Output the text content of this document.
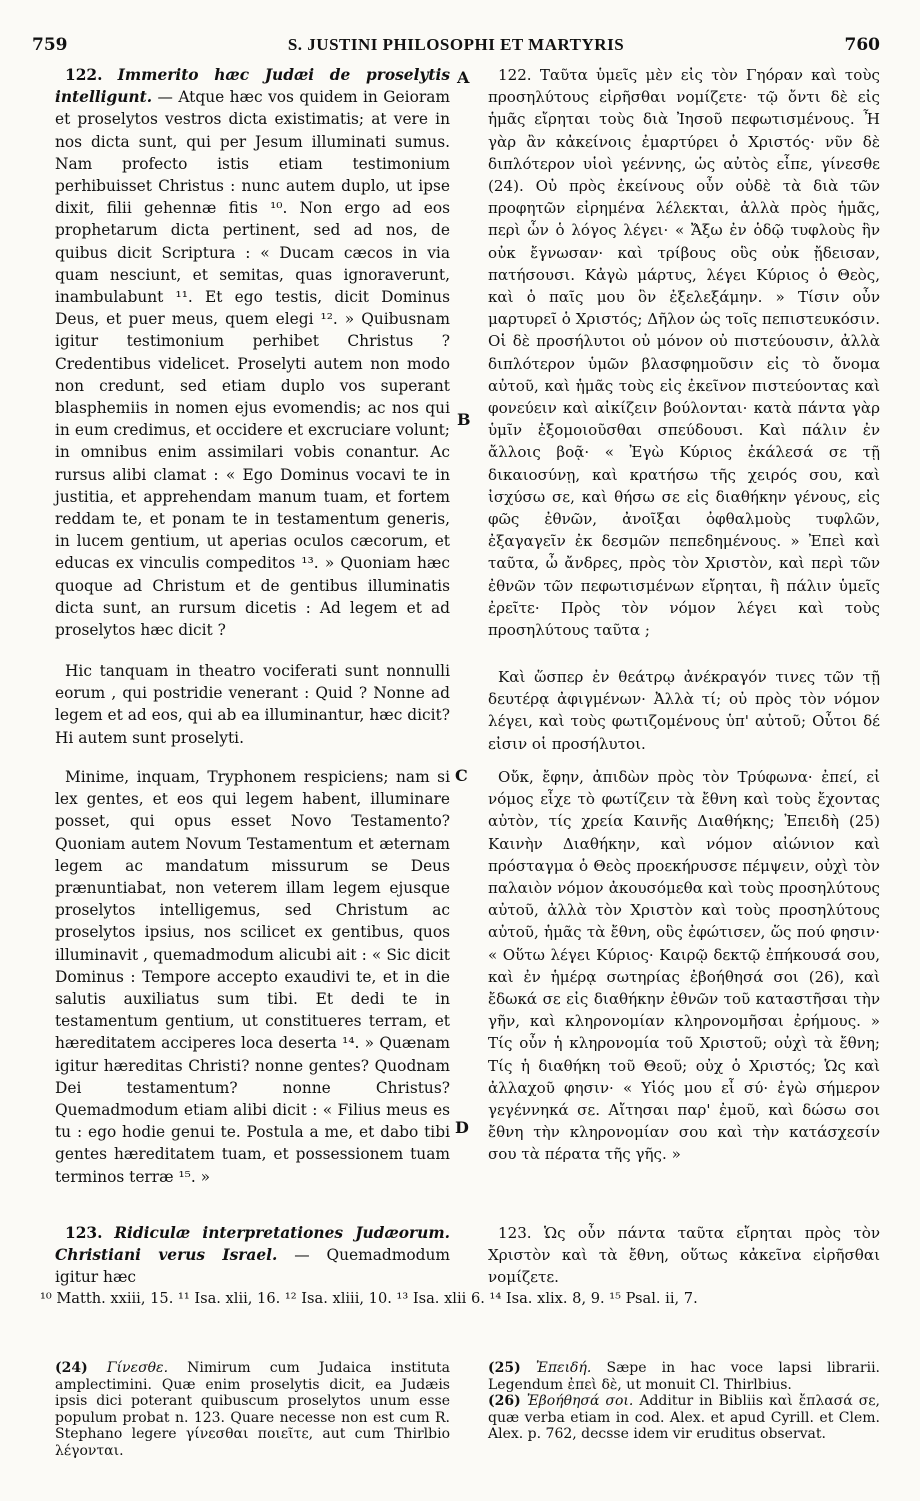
759	S. JUSTINI PHILOSOPHI ET MARTYRIS	760
A
B
C
D

122. Immerito hæc Judæi de proselytis intelligunt. — Atque hæc vos quidem in Geioram et proselytos vestros dicta existimatis; at vere in nos dicta sunt, qui per Jesum illuminati sumus. Nam profecto istis etiam testimonium perhibuisset Christus : nunc autem duplo, ut ipse dixit, filii gehennæ fitis ¹⁰. Non ergo ad eos prophetarum dicta pertinent, sed ad nos, de quibus dicit Scriptura : « Ducam cæcos in via quam nesciunt, et semitas, quas ignoraverunt, inambulabunt ¹¹. Et ego testis, dicit Dominus Deus, et puer meus, quem elegi ¹². » Quibusnam igitur testimonium perhibet Christus ? Credentibus videlicet. Proselyti autem non modo non credunt, sed etiam duplo vos superant blasphemiis in nomen ejus evomendis; ac nos qui in eum credimus, et occidere et excruciare volunt; in omnibus enim assimilari vobis conantur. Ac rursus alibi clamat : « Ego Dominus vocavi te in justitia, et apprehendam manum tuam, et fortem reddam te, et ponam te in testamentum generis, in lucem gentium, ut aperias oculos cæcorum, et educas ex vinculis compeditos ¹³. » Quoniam hæc quoque ad Christum et de gentibus illuminatis dicta sunt, an rursum dicetis : Ad legem et ad proselytos hæc dicit ?

Hic tanquam in theatro vociferati sunt nonnulli eorum , qui postridie venerant : Quid ? Nonne ad legem et ad eos, qui ab ea illuminantur, hæc dicit? Hi autem sunt proselyti.

Minime, inquam, Tryphonem respiciens; nam si lex gentes, et eos qui legem habent, illuminare posset, qui opus esset Novo Testamento? Quoniam autem Novum Testamentum et æternam legem ac mandatum missurum se Deus prænuntiabat, non veterem illam legem ejusque proselytos intelligemus, sed Christum ac proselytos ipsius, nos scilicet ex gentibus, quos illuminavit , quemadmodum alicubi ait : « Sic dicit Dominus : Tempore accepto exaudivi te, et in die salutis auxiliatus sum tibi. Et dedi te in testamentum gentium, ut constitueres terram, et hæreditatem acciperes loca deserta ¹⁴. » Quænam igitur hæreditas Christi? nonne gentes? Quodnam Dei testamentum? nonne Christus? Quemadmodum etiam alibi dicit : « Filius meus es tu : ego hodie genui te. Postula a me, et dabo tibi gentes hæreditatem tuam, et possessionem tuam terminos terræ ¹⁵. »

123. Ridiculæ interpretationes Judæorum. Christiani verus Israel. — Quemadmodum igitur hæc

122. Ταῦτα ὑμεῖς μὲν εἰς τὸν Γηόραν καὶ τοὺς προσηλύτους εἰρῆσθαι νομίζετε· τῷ ὄντι δὲ εἰς ἡμᾶς εἴρηται τοὺς διὰ Ἰησοῦ πεφωτισμένους. Ἦ γὰρ ἂν κἀκείνοις ἐμαρτύρει ὁ Χριστός· νῦν δὲ διπλότερον υἱοὶ γεέννης, ὡς αὐτὸς εἶπε, γίνεσθε (24). Οὐ πρὸς ἐκείνους οὖν οὐδὲ τὰ διὰ τῶν προφητῶν εἰρημένα λέλεκται, ἀλλὰ πρὸς ἡμᾶς, περὶ ὧν ὁ λόγος λέγει· « Ἄξω ἐν ὁδῷ τυφλοὺς ἣν οὐκ ἔγνωσαν· καὶ τρίβους οὓς οὐκ ᾔδεισαν, πατήσουσι. Κἀγὼ μάρτυς, λέγει Κύριος ὁ Θεὸς, καὶ ὁ παῖς μου ὃν ἐξελεξάμην. » Τίσιν οὖν μαρτυρεῖ ὁ Χριστός; Δῆλον ὡς τοῖς πεπιστευκόσιν. Οἱ δὲ προσήλυτοι οὐ μόνον οὐ πιστεύουσιν, ἀλλὰ διπλότερον ὑμῶν βλασφημοῦσιν εἰς τὸ ὄνομα αὐτοῦ, καὶ ἡμᾶς τοὺς εἰς ἐκεῖνον πιστεύοντας καὶ φονεύειν καὶ αἰκίζειν βούλονται· κατὰ πάντα γὰρ ὑμῖν ἐξομοιοῦσθαι σπεύδουσι. Καὶ πάλιν ἐν ἄλλοις βοᾷ· « Ἐγὼ Κύριος ἐκάλεσά σε τῇ δικαιοσύνῃ, καὶ κρατήσω τῆς χειρός σου, καὶ ἰσχύσω σε, καὶ θήσω σε εἰς διαθήκην γένους, εἰς φῶς ἐθνῶν, ἀνοῖξαι ὀφθαλμοὺς τυφλῶν, ἐξαγαγεῖν ἐκ δεσμῶν πεπεδημένους. » Ἐπεὶ καὶ ταῦτα, ὦ ἄνδρες, πρὸς τὸν Χριστὸν, καὶ περὶ τῶν ἐθνῶν τῶν πεφωτισμένων εἴρηται, ἢ πάλιν ὑμεῖς ἐρεῖτε· Πρὸς τὸν νόμον λέγει καὶ τοὺς προσηλύτους ταῦτα ;

Καὶ ὥσπερ ἐν θεάτρῳ ἀνέκραγόν τινες τῶν τῇ δευτέρᾳ ἀφιγμένων· Ἀλλὰ τί; οὐ πρὸς τὸν νόμον λέγει, καὶ τοὺς φωτιζομένους ὑπ' αὐτοῦ; Οὗτοι δέ εἰσιν οἱ προσήλυτοι.

Οὔκ, ἔφην, ἀπιδὼν πρὸς τὸν Τρύφωνα· ἐπεί, εἰ νόμος εἶχε τὸ φωτίζειν τὰ ἔθνη καὶ τοὺς ἔχοντας αὐτὸν, τίς χρεία Καινῆς Διαθήκης; Ἐπειδὴ (25) Καινὴν Διαθήκην, καὶ νόμον αἰώνιον καὶ πρόσταγμα ὁ Θεὸς προεκήρυσσε πέμψειν, οὐχὶ τὸν παλαιὸν νόμον ἀκουσόμεθα καὶ τοὺς προσηλύτους αὐτοῦ, ἀλλὰ τὸν Χριστὸν καὶ τοὺς προσηλύτους αὐτοῦ, ἡμᾶς τὰ ἔθνη, οὓς ἐφώτισεν, ὥς πού φησιν· « Οὕτω λέγει Κύριος· Καιρῷ δεκτῷ ἐπήκουσά σου, καὶ ἐν ἡμέρᾳ σωτηρίας ἐβοήθησά σοι (26), καὶ ἔδωκά σε εἰς διαθήκην ἐθνῶν τοῦ καταστῆσαι τὴν γῆν, καὶ κληρονομίαν κληρονομῆσαι ἐρήμους. » Τίς οὖν ἡ κληρονομία τοῦ Χριστοῦ; οὐχὶ τὰ ἔθνη; Τίς ἡ διαθήκη τοῦ Θεοῦ; οὐχ ὁ Χριστός; Ὡς καὶ ἀλλαχοῦ φησιν· « Υἱός μου εἶ σύ· ἐγὼ σήμερον γεγέννηκά σε. Αἴτησαι παρ' ἐμοῦ, καὶ δώσω σοι ἔθνη τὴν κληρονομίαν σου καὶ τὴν κατάσχεσίν σου τὰ πέρατα τῆς γῆς. »

123. Ὡς οὖν πάντα ταῦτα εἴρηται πρὸς τὸν Χριστὸν καὶ τὰ ἔθνη, οὕτως κἀκεῖνα εἰρῆσθαι νομίζετε.

¹⁰ Matth. xxiii, 15. ¹¹ Isa. xlii, 16. ¹² Isa. xliii, 10. ¹³ Isa. xlii 6. ¹⁴ Isa. xlix. 8, 9. ¹⁵ Psal. ii, 7.

(24) Γίνεσθε. Nimirum cum Judaica instituta amplectimini. Quæ enim proselytis dicit, ea Judæis ipsis dici poterant quibuscum proselytos unum esse populum probat n. 123. Quare necesse non est cum R. Stephano legere γίνεσθαι ποιεῖτε, aut cum Thirlbio λέγονται.

(25) Ἐπειδή. Sæpe in hac voce lapsi librarii. Legendum ἐπεὶ δὲ, ut monuit Cl. Thirlbius.

(26) Ἐβοήθησά σοι. Additur in Bibliis καὶ ἔπλασά σε, quæ verba etiam in cod. Alex. et apud Cyrill. et Clem. Alex. p. 762, decsse idem vir eruditus observat.
